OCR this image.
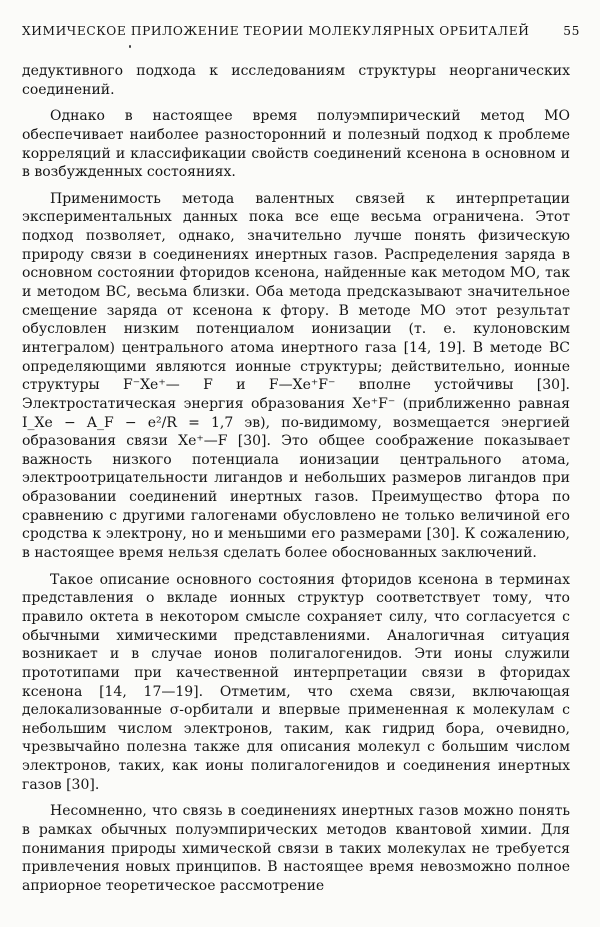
ХИМИЧЕСКОЕ ПРИЛОЖЕНИЕ ТЕОРИИ МОЛЕКУЛЯРНЫХ ОРБИТАЛЕЙ	55

дедуктивного подхода к исследованиям структуры неорганических соединений.

Однако в настоящее время полуэмпирический метод МО обеспечивает наиболее разносторонний и полезный подход к проблеме корреляций и классификации свойств соединений ксенона в основном и в возбужденных состояниях.

Применимость метода валентных связей к интерпретации экспериментальных данных пока все еще весьма ограничена. Этот подход позволяет, однако, значительно лучше понять физическую природу связи в соединениях инертных газов. Распределения заряда в основном состоянии фторидов ксенона, найденные как методом МО, так и методом ВС, весьма близки. Оба метода предсказывают значительное смещение заряда от ксенона к фтору. В методе МО этот результат обусловлен низким потенциалом ионизации (т. е. кулоновским интегралом) центрального атома инертного газа [14, 19]. В методе ВС определяющими являются ионные структуры; действительно, ионные структуры F⁻Xe⁺— F и F—Xe⁺F⁻ вполне устойчивы [30]. Электростатическая энергия образования Xe⁺F⁻ (приближенно равная I_Xe − A_F − e²/R = 1,7 эв), по-видимому, возмещается энергией образования связи Xe⁺—F [30]. Это общее соображение показывает важность низкого потенциала ионизации центрального атома, электроотрицательности лигандов и небольших размеров лигандов при образовании соединений инертных газов. Преимущество фтора по сравнению с другими галогенами обусловлено не только величиной его сродства к электрону, но и меньшими его размерами [30]. К сожалению, в настоящее время нельзя сделать более обоснованных заключений.

Такое описание основного состояния фторидов ксенона в терминах представления о вкладе ионных структур соответствует тому, что правило октета в некотором смысле сохраняет силу, что согласуется с обычными химическими представлениями. Аналогичная ситуация возникает и в случае ионов полигалогенидов. Эти ионы служили прототипами при качественной интерпретации связи в фторидах ксенона [14, 17—19]. Отметим, что схема связи, включающая делокализованные σ-орбитали и впервые примененная к молекулам с небольшим числом электронов, таким, как гидрид бора, очевидно, чрезвычайно полезна также для описания молекул с большим числом электронов, таких, как ионы полигалогенидов и соединения инертных газов [30].

Несомненно, что связь в соединениях инертных газов можно понять в рамках обычных полуэмпирических методов квантовой химии. Для понимания природы химической связи в таких молекулах не требуется привлечения новых принципов. В настоящее время невозможно полное априорное теоретическое рассмотрение
